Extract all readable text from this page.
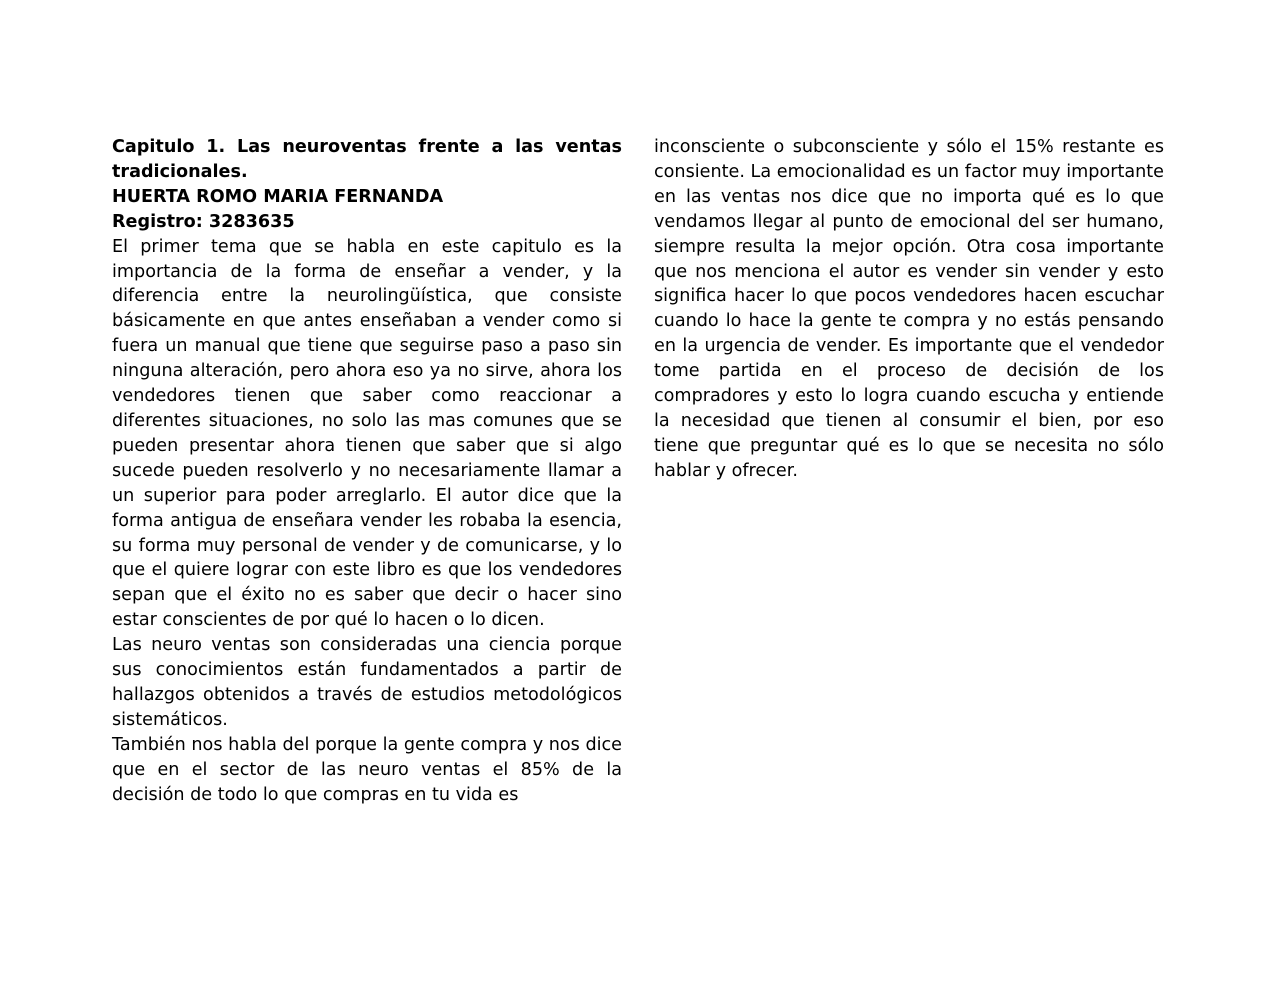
Capitulo 1. Las neuroventas frente a las ventas tradicionales.

HUERTA ROMO MARIA FERNANDA

Registro: 3283635

El primer tema que se habla en este capitulo es la importancia de la forma de enseñar a vender, y la diferencia entre la neurolingüística, que consiste básicamente en que antes enseñaban a vender como si fuera un manual que tiene que seguirse paso a paso sin ninguna alteración, pero ahora eso ya no sirve, ahora los vendedores tienen que saber como reaccionar a diferentes situaciones, no solo las mas comunes que se pueden presentar ahora tienen que saber que si algo sucede pueden resolverlo y no necesariamente llamar a un superior para poder arreglarlo. El autor dice que la forma antigua de enseñara vender les robaba la esencia, su forma muy personal de vender y de comunicarse, y lo que el quiere lograr con este libro es que los vendedores sepan que el éxito no es saber que decir o hacer sino estar conscientes de por qué lo hacen o lo dicen.

Las neuro ventas son consideradas una ciencia porque sus conocimientos están fundamentados a partir de hallazgos obtenidos a través de estudios metodológicos sistemáticos.

También nos habla del porque la gente compra y nos dice que en el sector de las neuro ventas el 85% de la decisión de todo lo que compras en tu vida es

inconsciente o subconsciente y sólo el 15% restante es consiente. La emocionalidad es un factor muy importante en las ventas nos dice que no importa qué es lo que vendamos llegar al punto de emocional del ser humano, siempre resulta la mejor opción. Otra cosa importante que nos menciona el autor es vender sin vender y esto significa hacer lo que pocos vendedores hacen escuchar cuando lo hace la gente te compra y no estás pensando en la urgencia de vender. Es importante que el vendedor tome partida en el proceso de decisión de los compradores y esto lo logra cuando escucha y entiende la necesidad que tienen al consumir el bien, por eso tiene que preguntar qué es lo que se necesita no sólo hablar y ofrecer.
